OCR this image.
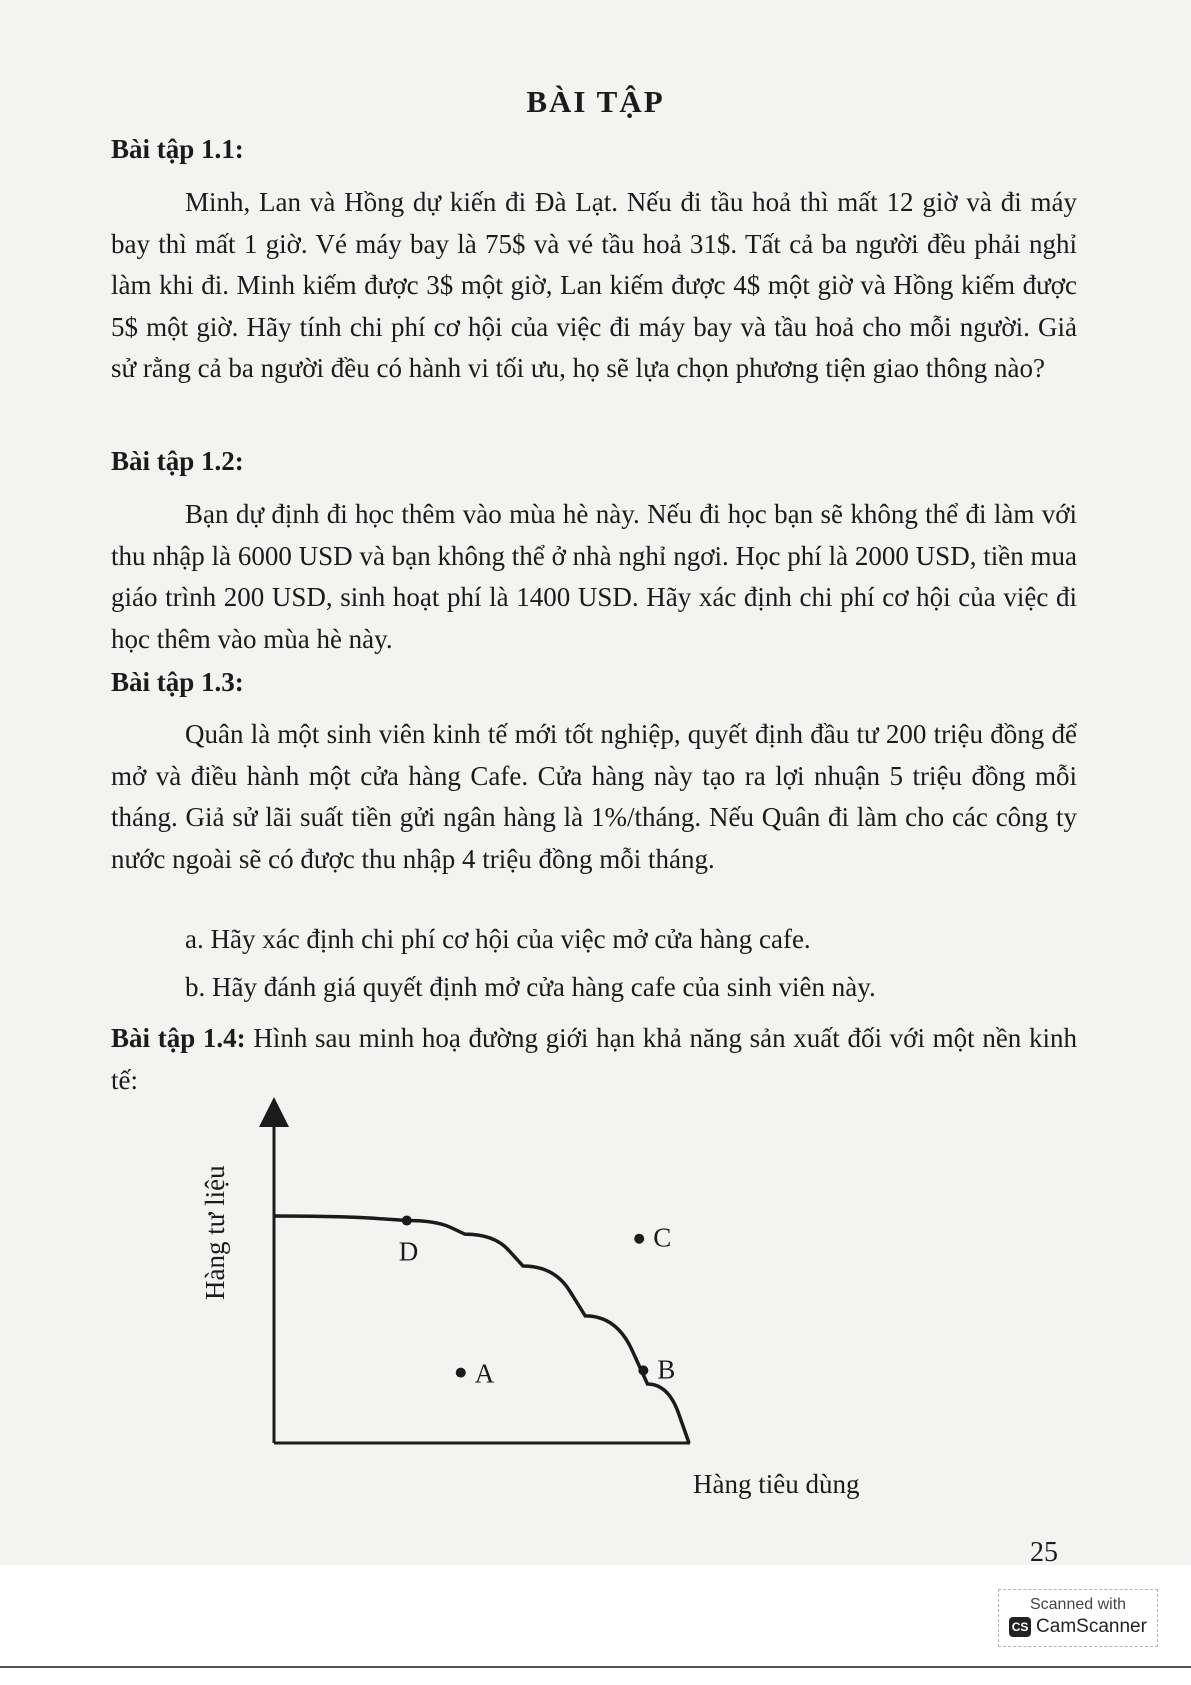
BÀI TẬP
Bài tập 1.1:
Minh, Lan và Hồng dự kiến đi Đà Lạt. Nếu đi tầu hoả thì mất 12 giờ và đi máy bay thì mất 1 giờ. Vé máy bay là 75$ và vé tầu hoả 31$. Tất cả ba người đều phải nghỉ làm khi đi. Minh kiếm được 3$ một giờ, Lan kiếm được 4$ một giờ và Hồng kiếm được 5$ một giờ. Hãy tính chi phí cơ hội của việc đi máy bay và tầu hoả cho mỗi người. Giả sử rằng cả ba người đều có hành vi tối ưu, họ sẽ lựa chọn phương tiện giao thông nào?
Bài tập 1.2:
Bạn dự định đi học thêm vào mùa hè này. Nếu đi học bạn sẽ không thể đi làm với thu nhập là 6000 USD và bạn không thể ở nhà nghỉ ngơi. Học phí là 2000 USD, tiền mua giáo trình 200 USD, sinh hoạt phí là 1400 USD. Hãy xác định chi phí cơ hội của việc đi học thêm vào mùa hè này.
Bài tập 1.3:
Quân là một sinh viên kinh tế mới tốt nghiệp, quyết định đầu tư 200 triệu đồng để mở và điều hành một cửa hàng Cafe. Cửa hàng này tạo ra lợi nhuận 5 triệu đồng mỗi tháng. Giả sử lãi suất tiền gửi ngân hàng là 1%/tháng. Nếu Quân đi làm cho các công ty nước ngoài sẽ có được thu nhập 4 triệu đồng mỗi tháng.
a. Hãy xác định chi phí cơ hội của việc mở cửa hàng cafe.
b. Hãy đánh giá quyết định mở cửa hàng cafe của sinh viên này.
Bài tập 1.4: Hình sau minh hoạ đường giới hạn khả năng sản xuất đối với một nền kinh tế:
D	C
A	B
Hàng tư liệu
Hàng tiêu dùng
25
Scanned with
CS CamScanner
